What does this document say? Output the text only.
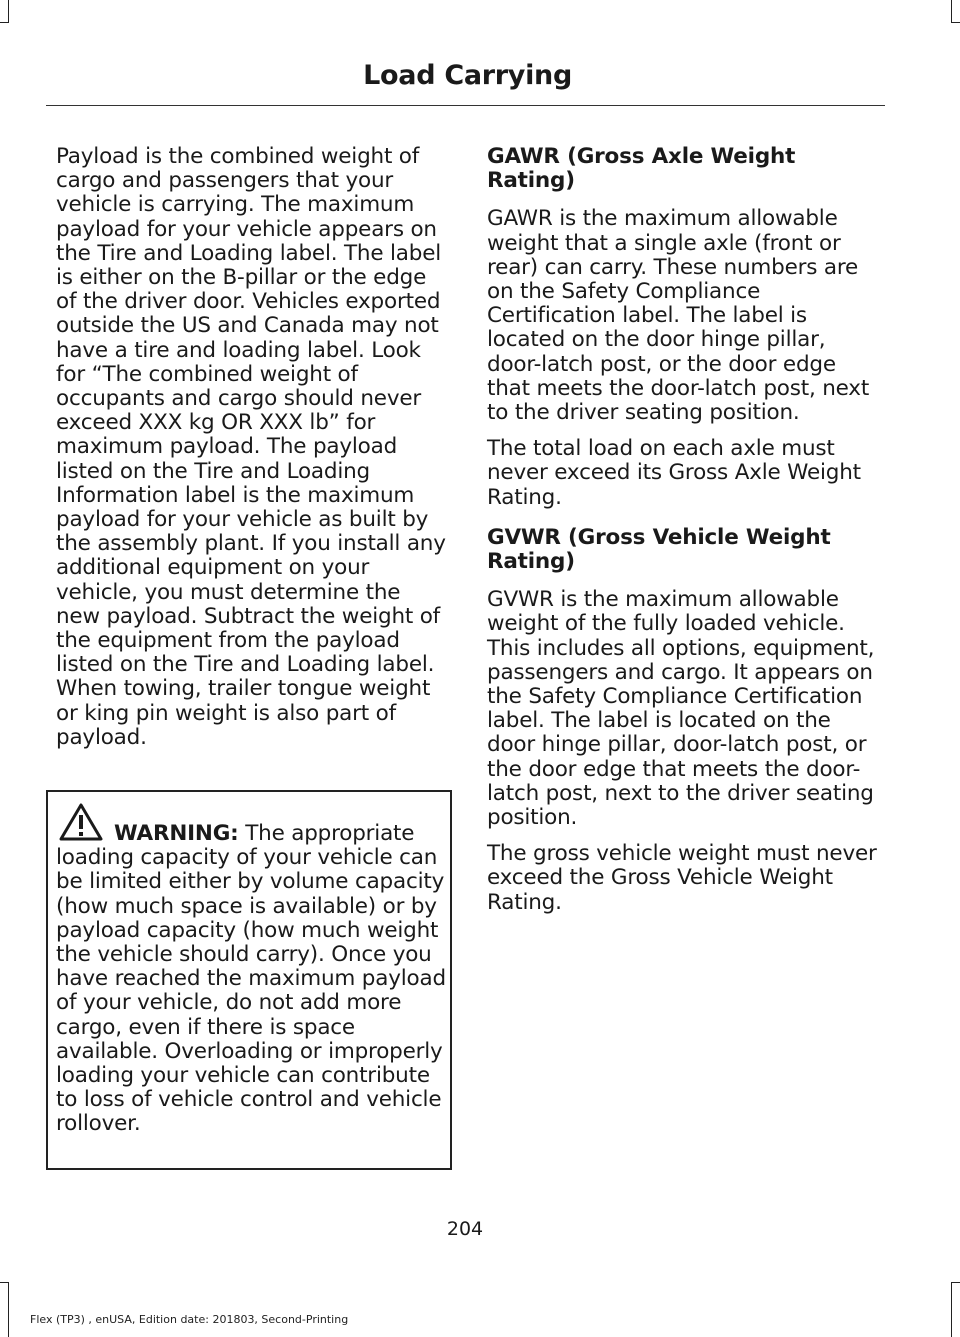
Load Carrying

Payload is the combined weight of cargo and passengers that your vehicle is carrying. The maximum payload for your vehicle appears on the Tire and Loading label. The label is either on the B-pillar or the edge of the driver door. Vehicles exported outside the US and Canada may not have a tire and loading label. Look for “The combined weight of occupants and cargo should never exceed XXX kg OR XXX lb” for maximum payload. The payload listed on the Tire and Loading Information label is the maximum payload for your vehicle as built by the assembly plant. If you install any additional equipment on your vehicle, you must determine the new payload. Subtract the weight of the equipment from the payload listed on the Tire and Loading label. When towing, trailer tongue weight or king pin weight is also part of payload.

WARNING: The appropriate loading capacity of your vehicle can be limited either by volume capacity (how much space is available) or by payload capacity (how much weight the vehicle should carry). Once you have reached the maximum payload of your vehicle, do not add more cargo, even if there is space available. Overloading or improperly loading your vehicle can contribute to loss of vehicle control and vehicle rollover.
GAWR (Gross Axle Weight Rating)

GAWR is the maximum allowable weight that a single axle (front or rear) can carry. These numbers are on the Safety Compliance Certification label. The label is located on the door hinge pillar, door-latch post, or the door edge that meets the door-latch post, next to the driver seating position.

The total load on each axle must never exceed its Gross Axle Weight Rating.

GVWR (Gross Vehicle Weight Rating)

GVWR is the maximum allowable weight of the fully loaded vehicle. This includes all options, equipment, passengers and cargo. It appears on the Safety Compliance Certification label. The label is located on the door hinge pillar, door-latch post, or the door edge that meets the door-latch post, next to the driver seating position.

The gross vehicle weight must never exceed the Gross Vehicle Weight Rating.

204
Flex (TP3) , enUSA, Edition date: 201803, Second-Printing
